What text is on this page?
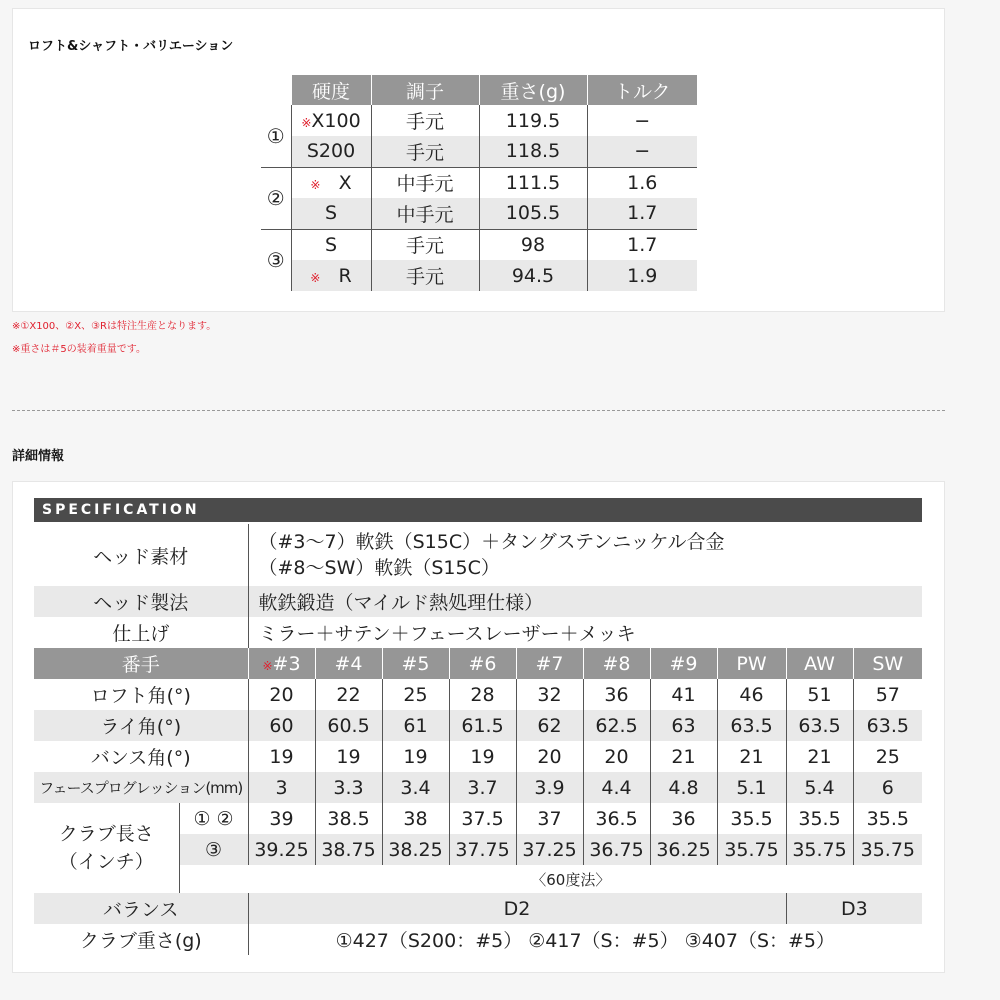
ロフト&シャフト・バリエーション
	硬度	調子	重さ(g)	トルク
①	※X100	手元	119.5	−
	S200	手元	118.5	−
②	※ X	中手元	111.5	1.6
	S	中手元	105.5	1.7
③	S	手元	98	1.7
	※ R	手元	94.5	1.9
※①X100、②X、③Rは特注生産となります。
※重さは＃5の装着重量です。
詳細情報
SPECIFICATION
ヘッド素材		（#3〜7）軟鉄（S15C）＋タングステンニッケル合金
（#8〜SW）軟鉄（S15C）									

ヘッド製法		軟鉄鍛造（マイルド熱処理仕様）									
仕上げ		ミラー＋サテン＋フェースレーザー＋メッキ									
番手		※#3	#4	#5	#6	#7	#8	#9	PW	AW	SW
ロフト角(°)		20	22	25	28	32	36	41	46	51	57
ライ角(°)		60	60.5	61	61.5	62	62.5	63	63.5	63.5	63.5
バンス角(°)		19	19	19	19	20	20	21	21	21	25
フェースプログレッション(mm)		3	3.3	3.4	3.7	3.9	4.4	4.8	5.1	5.4	6

クラブ長さ
（インチ）	① ②	39	38.5	38	37.5	37	36.5	36	35.5	35.5	35.5
	③	39.25	38.75	38.25	37.75	37.25	36.75	36.25	35.75	35.75	35.75
	〈60度法〉										
バランス		D2								D3	
クラブ重さ(g)		①427（S200：#5） ②417（S：#5） ③407（S：#5）									
